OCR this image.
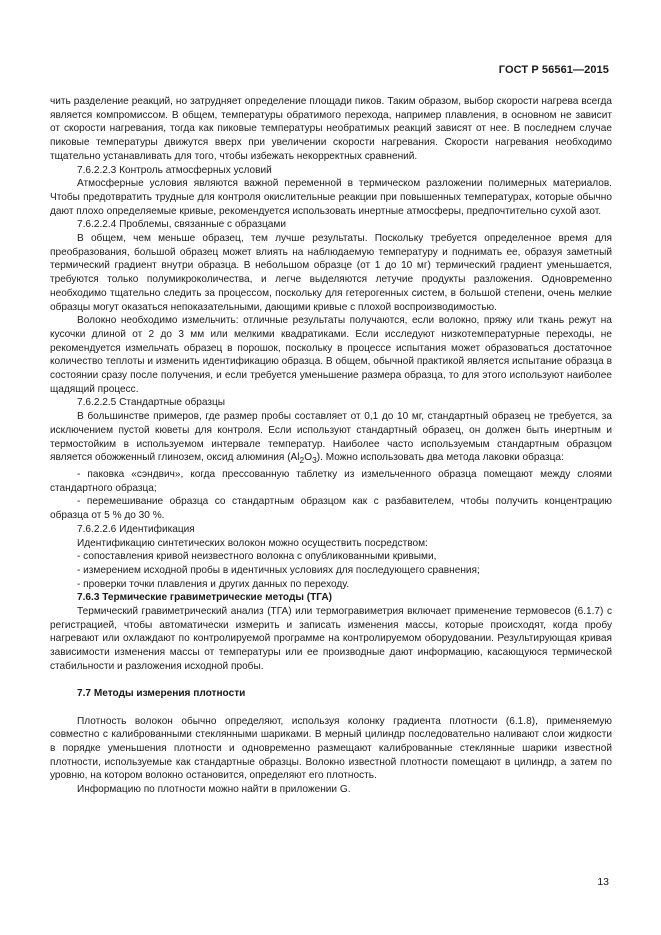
ГОСТ Р 56561—2015

чить разделение реакций, но затрудняет определение площади пиков. Таким образом, выбор скорости нагрева всегда является компромиссом. В общем, температуры обратимого перехода, например плавления, в основном не зависит от скорости нагревания, тогда как пиковые температуры необратимых реакций зависят от нее. В последнем случае пиковые температуры движутся вверх при увеличении скорости нагревания. Скорости нагревания необходимо тщательно устанавливать для того, чтобы избежать некорректных сравнений.

7.6.2.2.3 Контроль атмосферных условий

Атмосферные условия являются важной переменной в термическом разложении полимерных материалов. Чтобы предотвратить трудные для контроля окислительные реакции при повышенных температурах, которые обычно дают плохо определяемые кривые, рекомендуется использовать инертные атмосферы, предпочтительно сухой азот.

7.6.2.2.4 Проблемы, связанные с образцами

В общем, чем меньше образец, тем лучше результаты. Поскольку требуется определенное время для преобразования, большой образец может влиять на наблюдаемую температуру и поднимать ее, образуя заметный термический градиент внутри образца. В небольшом образце (от 1 до 10 мг) термический градиент уменьшается, требуются только полумикроколичества, и легче выделяются летучие продукты разложения. Одновременно необходимо тщательно следить за процессом, поскольку для гетерогенных систем, в большой степени, очень мелкие образцы могут оказаться непоказательными, дающими кривые с плохой воспроизводимостью.

Волокно необходимо измельчить: отличные результаты получаются, если волокно, пряжу или ткань режут на кусочки длиной от 2 до 3 мм или мелкими квадратиками. Если исследуют низкотемпературные переходы, не рекомендуется измельчать образец в порошок, поскольку в процессе испытания может образоваться достаточное количество теплоты и изменить идентификацию образца. В общем, обычной практикой является испытание образца в состоянии сразу после получения, и если требуется уменьшение размера образца, то для этого используют наиболее щадящий процесс.

7.6.2.2.5 Стандартные образцы

В большинстве примеров, где размер пробы составляет от 0,1 до 10 мг, стандартный образец не требуется, за исключением пустой кюветы для контроля. Если используют стандартный образец, он должен быть инертным и термостойким в используемом интервале температур. Наиболее часто используемым стандартным образцом является обожженный глинозем, оксид алюминия $(Al_2O_3)$. Можно использовать два метода лаковки образца:

- паковка «сэндвич», когда прессованную таблетку из измельченного образца помещают между слоями стандартного образца;

- перемешивание образца со стандартным образцом как с разбавителем, чтобы получить концентрацию образца от 5 % до 30 %.

7.6.2.2.6 Идентификация

Идентификацию синтетических волокон можно осуществить посредством:

- сопоставления кривой неизвестного волокна с опубликованными кривыми,

- измерением исходной пробы в идентичных условиях для последующего сравнения;

- проверки точки плавления и других данных по переходу.

7.6.3 Термические гравиметрические методы (ТГА)

Термический гравиметрический анализ (ТГА) или термогравиметрия включает применение термовесов (6.1.7) с регистрацией, чтобы автоматически измерить и записать изменения массы, которые происходят, когда пробу нагревают или охлаждают по контролируемой программе на контролируемом оборудовании. Результирующая кривая зависимости изменения массы от температуры или ее производные дают информацию, касающуюся термической стабильности и разложения исходной пробы.

7.7 Методы измерения плотности

Плотность волокон обычно определяют, используя колонку градиента плотности (6.1.8), применяемую совместно с калиброванными стеклянными шариками. В мерный цилиндр последовательно наливают слои жидкости в порядке уменьшения плотности и одновременно размещают калиброванные стеклянные шарики известной плотности, используемые как стандартные образцы. Волокно известной плотности помещают в цилиндр, а затем по уровню, на котором волокно остановится, определяют его плотность.

Информацию по плотности можно найти в приложении G.

13
